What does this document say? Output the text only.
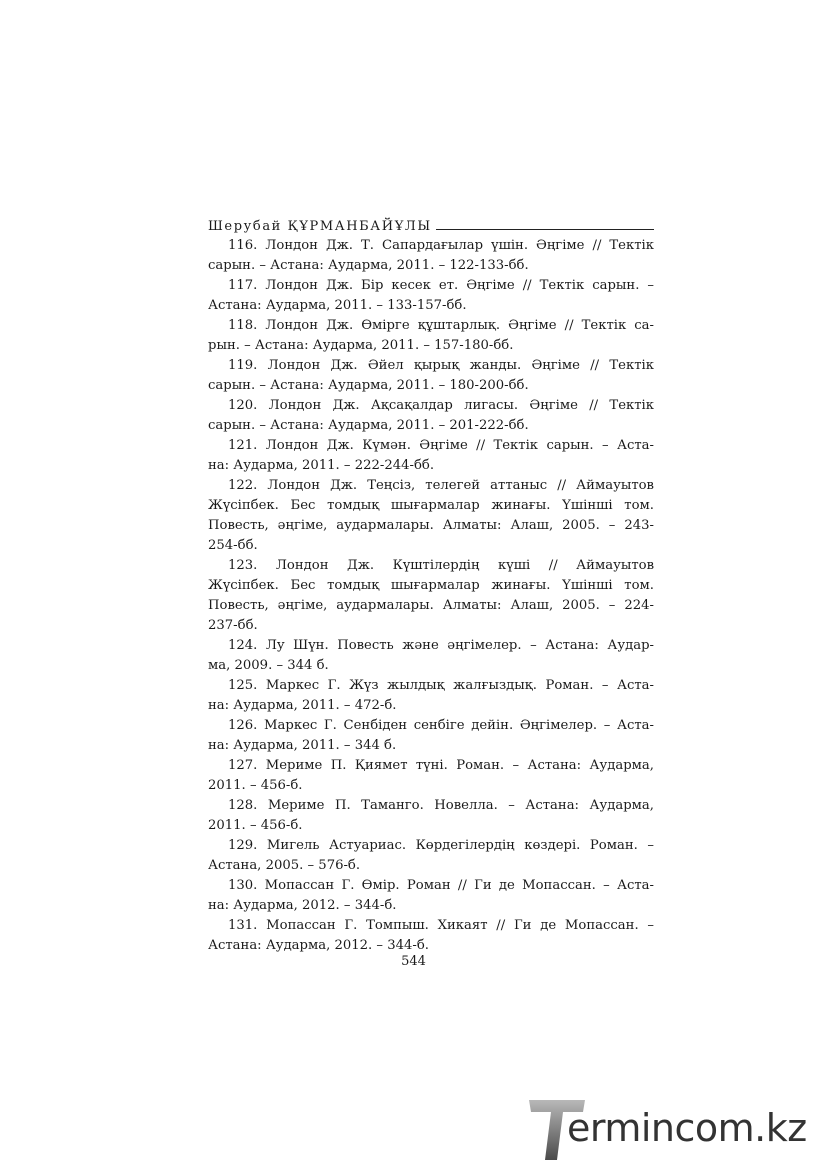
Шерубай ҚҰРМАНБАЙҰЛЫ
116. Лондон Дж. Т. Сапардағылар үшін. Әңгіме // Тектік
сарын. – Астана: Аударма, 2011. – 122-133-бб.
117. Лондон Дж. Бір кесек ет. Әңгіме // Тектік сарын. –
Астана: Аударма, 2011. – 133-157-бб.
118. Лондон Дж. Өмірге құштарлық. Әңгіме // Тектік са-
рын. – Астана: Аударма, 2011. – 157-180-бб.
119. Лондон Дж. Әйел қырық жанды. Әңгіме // Тектік
сарын. – Астана: Аударма, 2011. – 180-200-бб.
120. Лондон Дж. Ақсақалдар лигасы. Әңгіме // Тектік
сарын. – Астана: Аударма, 2011. – 201-222-бб.
121. Лондон Дж. Күмән. Әңгіме // Тектік сарын. – Аста-
на: Аударма, 2011. – 222-244-бб.
122. Лондон Дж. Теңсіз, телегей аттаныс // Аймауытов
Жүсіпбек. Бес томдық шығармалар жинағы. Үшінші том.
Повесть, әңгіме, аудармалары. Алматы: Алаш, 2005. – 243-
254-бб.
123. Лондон Дж. Күштілердің күші // Аймауытов
Жүсіпбек. Бес томдық шығармалар жинағы. Үшінші том.
Повесть, әңгіме, аудармалары. Алматы: Алаш, 2005. – 224-
237-бб.
124. Лу Шүн. Повесть және әңгімелер. – Астана: Аудар-
ма, 2009. – 344 б.
125. Маркес Г. Жүз жылдық жалғыздық. Роман. – Аста-
на: Аударма, 2011. – 472-б.
126. Маркес Г. Сенбіден сенбіге дейін. Әңгімелер. – Аста-
на: Аударма, 2011. – 344 б.
127. Мериме П. Қиямет түні. Роман. – Астана: Аударма,
2011. – 456-б.
128. Мериме П. Таманго. Новелла. – Астана: Аударма,
2011. – 456-б.
129. Мигель Астуариас. Көрдегілердің көздері. Роман. –
Астана, 2005. – 576-б.
130. Мопассан Г. Өмір. Роман // Ги де Мопассан. – Аста-
на: Аударма, 2012. – 344-б.
131. Мопассан Г. Томпыш. Хикаят // Ги де Мопассан. –
Астана: Аударма, 2012. – 344-б.
544
ermincom.kz
